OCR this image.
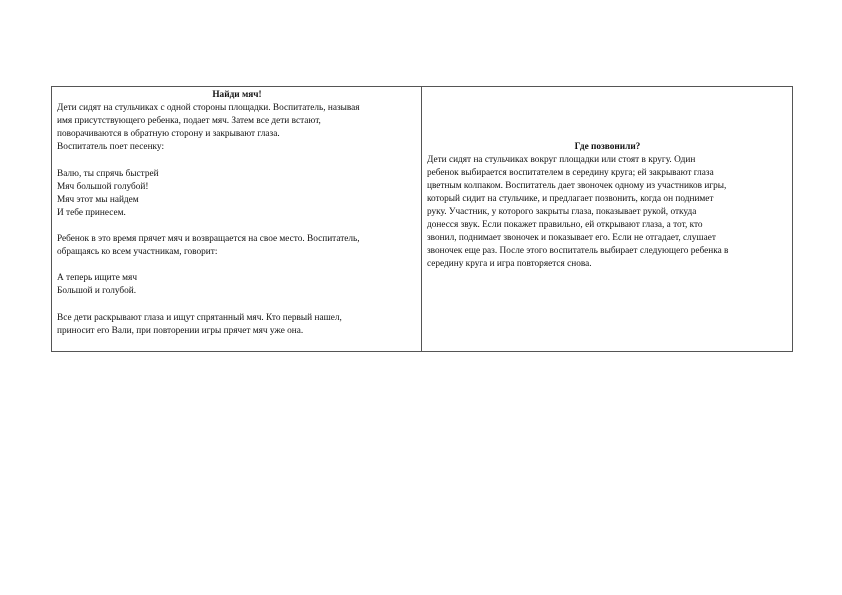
Найди мяч!
Дети сидят на стульчиках с одной стороны площадки. Воспитатель, называя
имя присутствующего ребенка, подает мяч. Затем все дети встают,
поворачиваются в обратную сторону и закрывают глаза.
Воспитатель поет песенку:
Валю, ты спрячь быстрей
Мяч большой голубой!
Мяч этот мы найдем
И тебе принесем.
Ребенок в это время прячет мяч и возвращается на свое место. Воспитатель,
обращаясь ко всем участникам, говорит:
А теперь ищите мяч
Большой и голубой.
Все дети раскрывают глаза и ищут спрятанный мяч. Кто первый нашел,
приносит его Вали, при повторении игры прячет мяч уже она.

Где позвонили?
Дети сидят на стульчиках вокруг площадки или стоят в кругу. Один
ребенок выбирается воспитателем в середину круга; ей закрывают глаза
цветным колпаком. Воспитатель дает звоночек одному из участников игры,
который сидит на стульчике, и предлагает позвонить, когда он поднимет
руку. Участник, у которого закрыты глаза, показывает рукой, откуда
донесся звук. Если покажет правильно, ей открывают глаза, а тот, кто
звонил, поднимает звоночек и показывает его. Если не отгадает, слушает
звоночек еще раз. После этого воспитатель выбирает следующего ребенка в
середину круга и игра повторяется снова.
